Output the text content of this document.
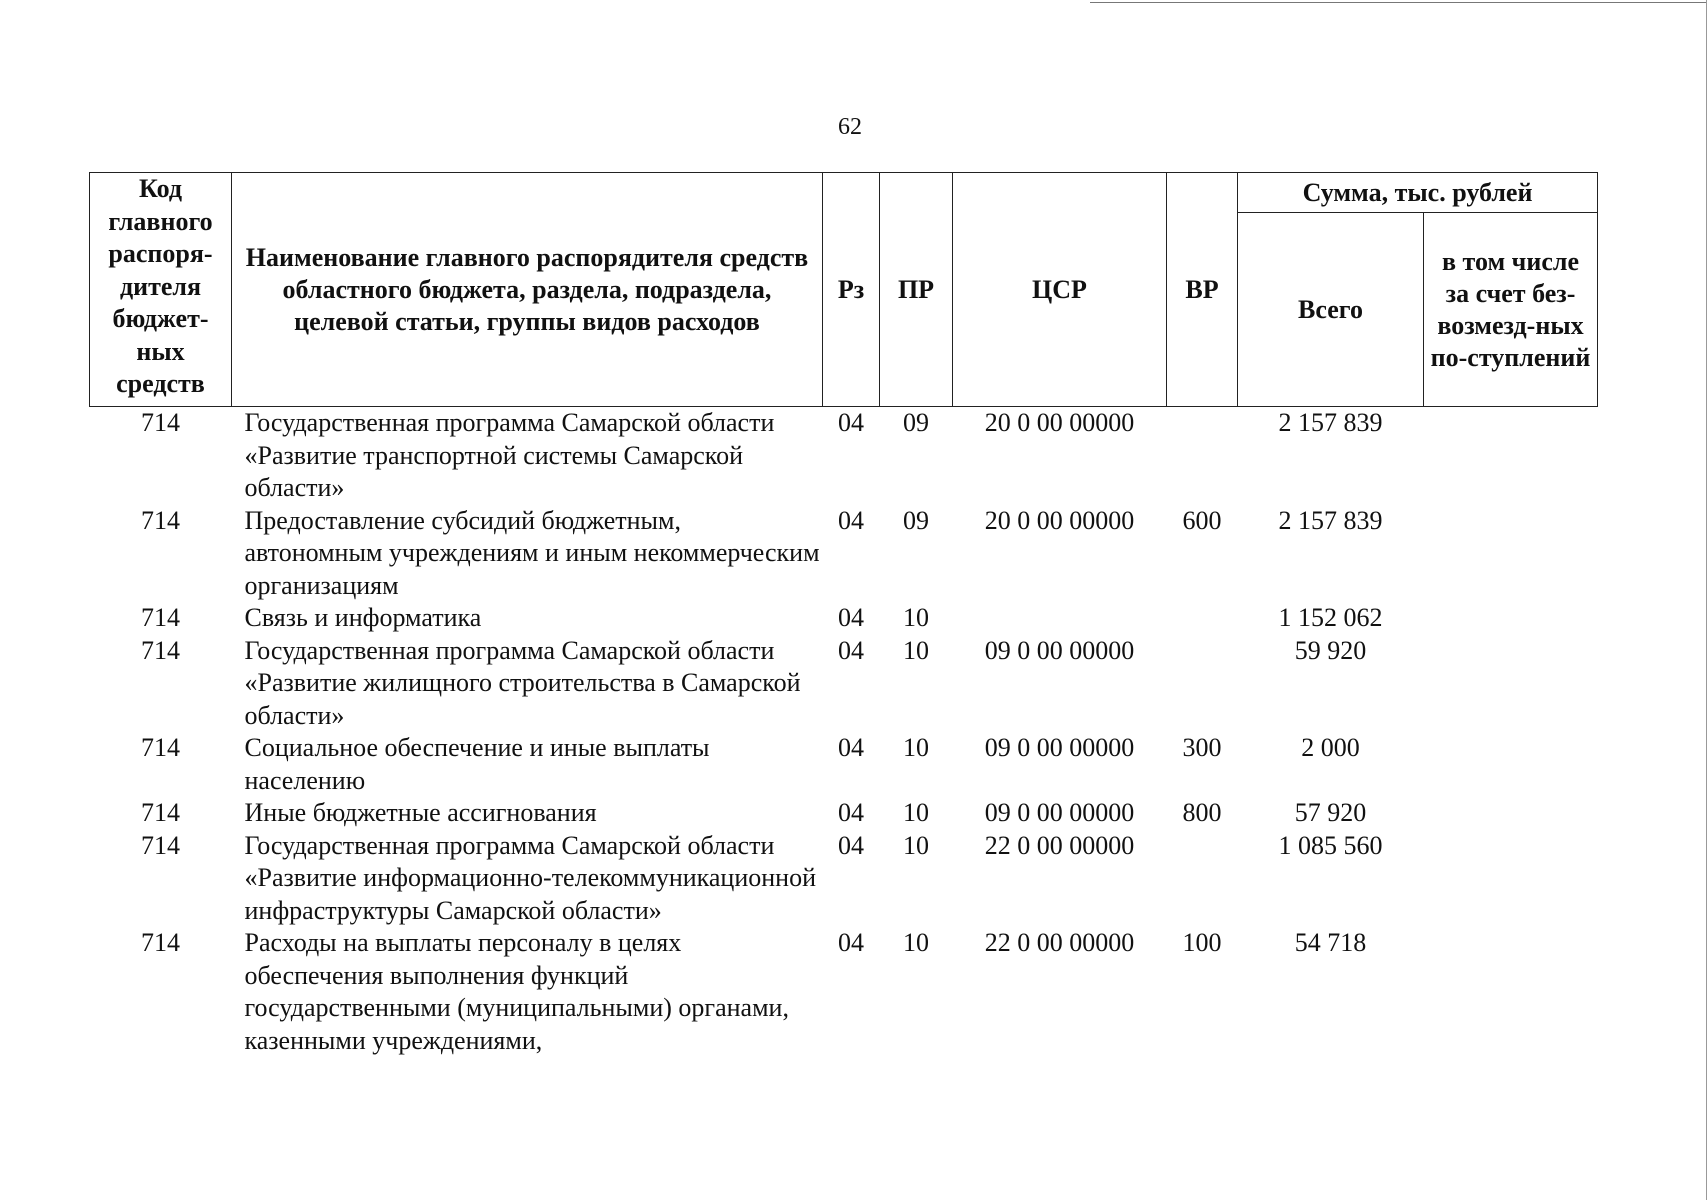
62
Код главного распоря-дителя бюджет-ных средств	Наименование главного распорядителя средств областного бюджета, раздела, подраздела, целевой статьи, группы видов расходов	Рз	ПР	ЦСР	ВР	Сумма, тыс. рублей	
						Всего	в том числе за счет без-возмезд-ных по-ступлений
714	Государственная программа Самарской области «Развитие транспортной системы Самарской области»	04	09	20 0 00 00000		2 157 839	
714	Предоставление субсидий бюджетным, автономным учреждениям и иным некоммерческим организациям	04	09	20 0 00 00000	600	2 157 839	
714	Связь и информатика	04	10			1 152 062	
714	Государственная программа Самарской области «Развитие жилищного строительства в Самарской области»	04	10	09 0 00 00000		59 920	
714	Социальное обеспечение и иные выплаты населению	04	10	09 0 00 00000	300	2 000	
714	Иные бюджетные ассигнования	04	10	09 0 00 00000	800	57 920	
714	Государственная программа Самарской области «Развитие информационно-телекоммуникационной инфраструктуры Самарской области»	04	10	22 0 00 00000		1 085 560	
714	Расходы на выплаты персоналу в целях обеспечения выполнения функций государственными (муниципальными) органами, казенными учреждениями,	04	10	22 0 00 00000	100	54 718	
